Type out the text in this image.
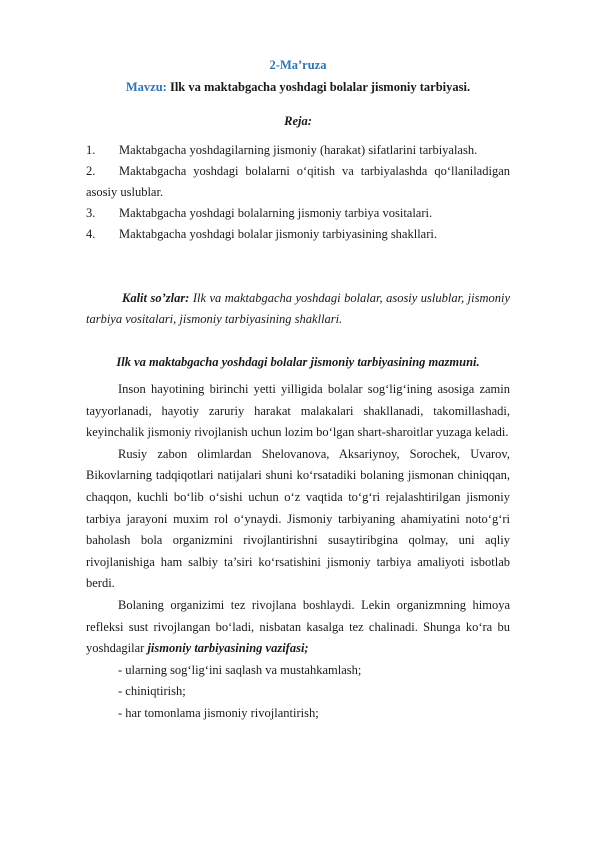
2-Ma’ruza
Mavzu: Ilk va maktabgacha yoshdagi bolalar jismoniy tarbiyasi.
Reja:
1. Maktabgacha yoshdagilarning jismoniy (harakat) sifatlarini tarbiyalash.
2. Maktabgacha yoshdagi bolalarni o‘qitish va tarbiyalashda qo‘llaniladigan asosiy uslublar.
3. Maktabgacha yoshdagi bolalarning jismoniy tarbiya vositalari.
4. Maktabgacha yoshdagi bolalar jismoniy tarbiyasining shakllari.
Kalit so’zlar: Ilk va maktabgacha yoshdagi bolalar, asosiy uslublar, jismoniy tarbiya vositalari, jismoniy tarbiyasining shakllari.
Ilk va maktabgacha yoshdagi bolalar jismoniy tarbiyasining mazmuni.

Inson hayotining birinchi yetti yilligida bolalar sog‘lig‘ining asosiga zamin tayyorlanadi, hayotiy zaruriy harakat malakalari shakllanadi, takomillashadi, keyinchalik jismoniy rivojlanish uchun lozim bo‘lgan shart-sharoitlar yuzaga keladi.

Rusiy zabon olimlardan Shelovanova, Aksariynoy, Sorochek, Uvarov, Bikovlarning tadqiqotlari natijalari shuni ko‘rsatadiki bolaning jismonan chiniqqan, chaqqon, kuchli bo‘lib o‘sishi uchun o‘z vaqtida to‘g‘ri rejalashtirilgan jismoniy tarbiya jarayoni muxim rol o‘ynaydi. Jismoniy tarbiyaning ahamiyatini noto‘g‘ri baholash bola organizmini rivojlantirishni susaytiribgina qolmay, uni aqliy rivojlanishiga ham salbiy ta’siri ko‘rsatishini jismoniy tarbiya amaliyoti isbotlab berdi.

Bolaning organizimi tez rivojlana boshlaydi. Lekin organizmning himoya refleksi sust rivojlangan bo‘ladi, nisbatan kasalga tez chalinadi. Shunga ko‘ra bu yoshdagilar jismoniy tarbiyasining vazifasi;

- ularning sog‘lig‘ini saqlash va mustahkamlash;
- chiniqtirish;
- har tomonlama jismoniy rivojlantirish;
